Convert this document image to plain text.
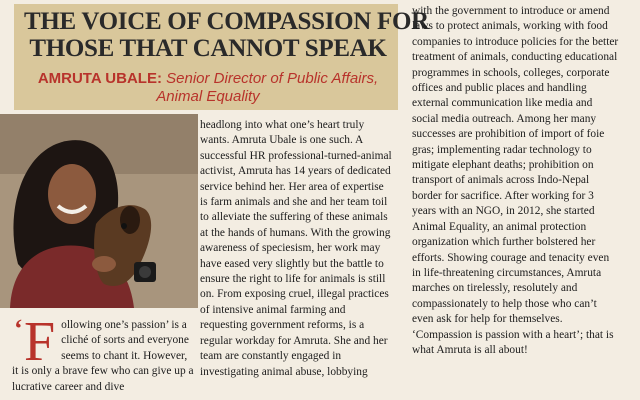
THE VOICE OF COMPASSION FOR
THOSE THAT CANNOT SPEAK
AMRUTA UBALE: Senior Director of Public Affairs, Animal Equality
‘ F ollowing one’s passion’ is a cliché of sorts and everyone seems to chant it. However, it is only a brave few who can give up a lucrative career and dive

headlong into what one’s heart truly wants. Amruta Ubale is one such. A successful HR professional-turned-animal activist, Amruta has 14 years of dedicated service behind her. Her area of expertise is farm animals and she and her team toil to alleviate the suffering of these animals at the hands of humans. With the growing awareness of speciesism, her work may have eased very slightly but the battle to ensure the right to life for animals is still on. From exposing cruel, illegal practices of intensive animal farming and requesting government reforms, is a regular workday for Amruta. She and her team are constantly engaged in investigating animal abuse, lobbying

with the government to introduce or amend laws to protect animals, working with food companies to introduce policies for the better treatment of animals, conducting educational programmes in schools, colleges, corporate offices and public places and handling external communication like media and social media outreach. Among her many successes are prohibition of import of foie gras; implementing radar technology to mitigate elephant deaths; prohibition on transport of animals across Indo-Nepal border for sacrifice. After working for 3 years with an NGO, in 2012, she started Animal Equality, an animal protection organization which further bolstered her efforts. Showing courage and tenacity even in life-threatening circumstances, Amruta marches on tirelessly, resolutely and compassionately to help those who can’t even ask for help for themselves. ‘Compassion is passion with a heart’; that is what Amruta is all about!
